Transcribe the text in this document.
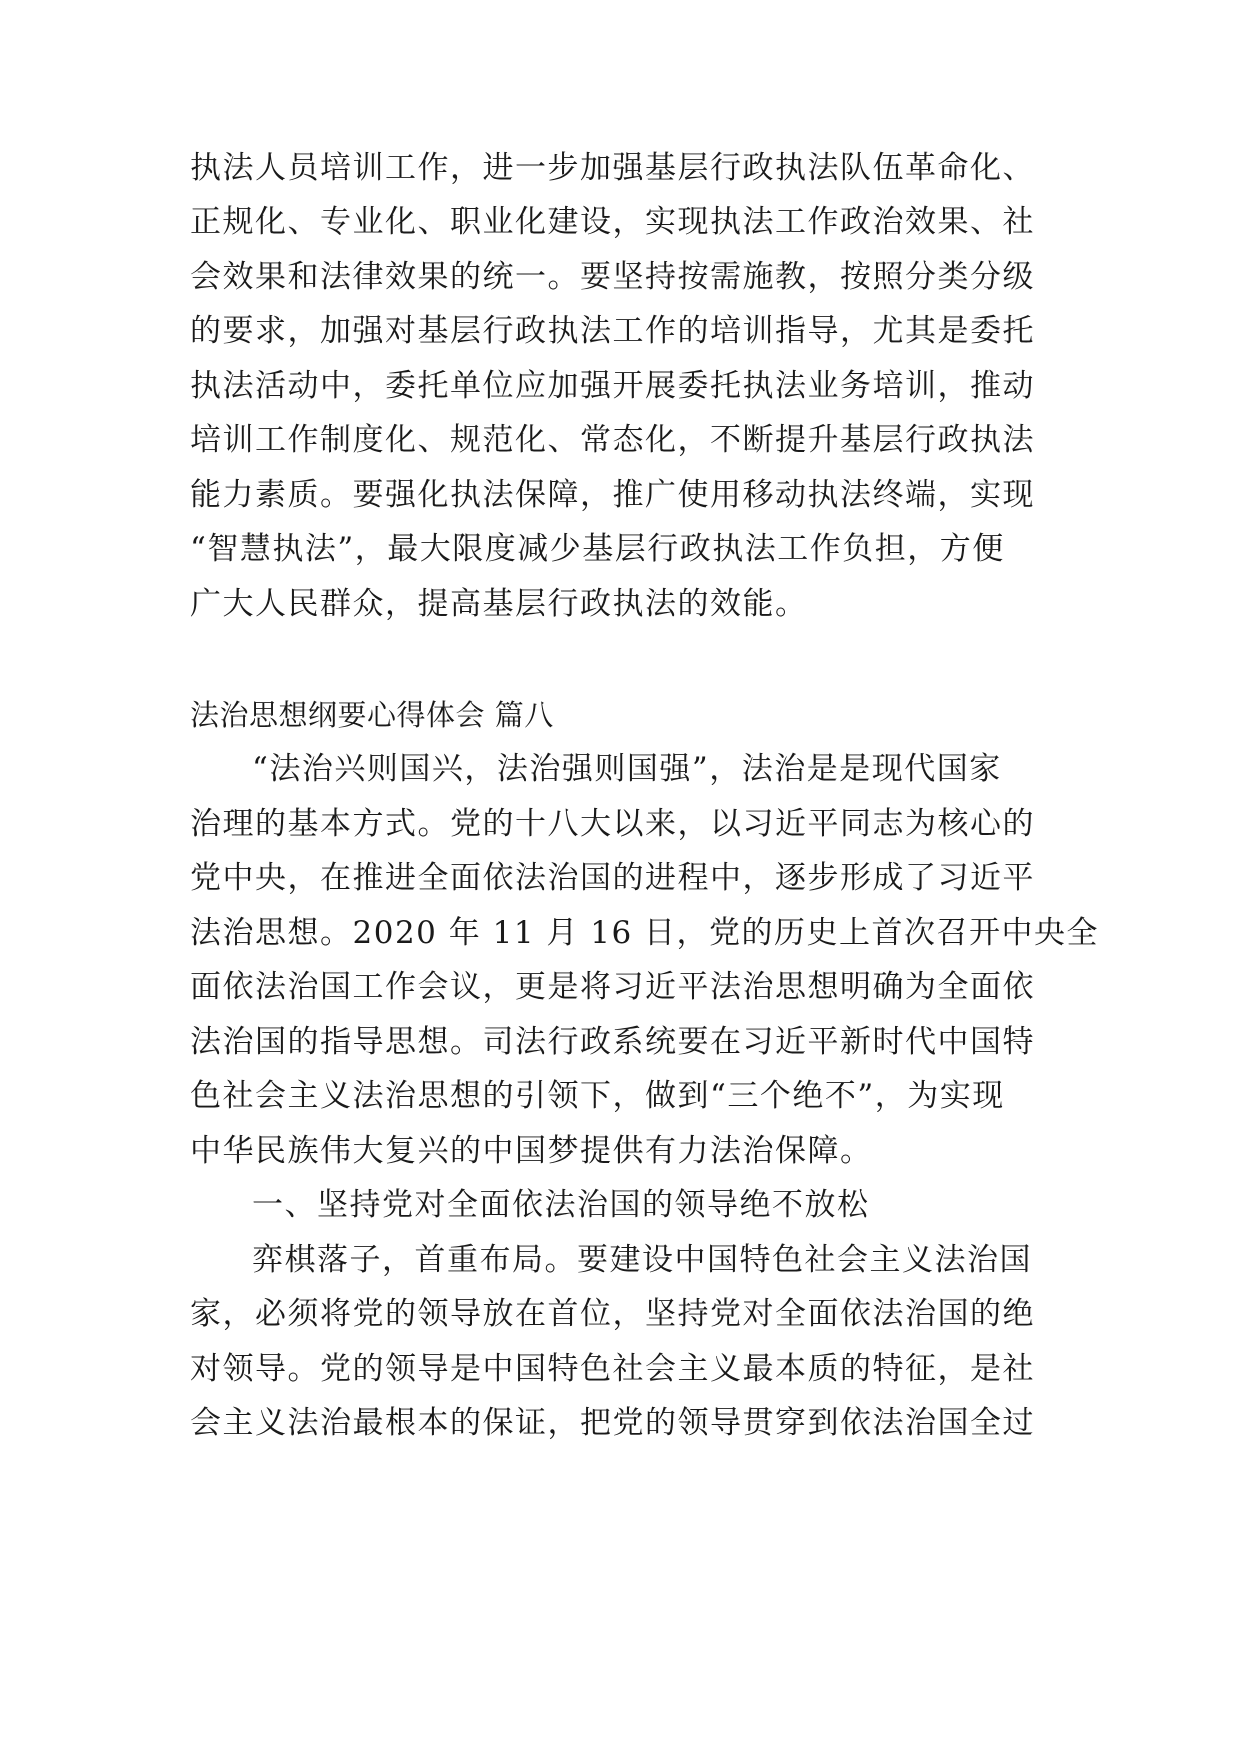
执法人员培训工作，进一步加强基层行政执法队伍革命化、
正规化、专业化、职业化建设，实现执法工作政治效果、社
会效果和法律效果的统一。要坚持按需施教，按照分类分级
的要求，加强对基层行政执法工作的培训指导，尤其是委托
执法活动中，委托单位应加强开展委托执法业务培训，推动
培训工作制度化、规范化、常态化，不断提升基层行政执法
能力素质。要强化执法保障，推广使用移动执法终端，实现
“智慧执法”，最大限度减少基层行政执法工作负担，方便
广大人民群众，提高基层行政执法的效能。
法治思想纲要心得体会 篇八
“法治兴则国兴，法治强则国强”，法治是是现代国家
治理的基本方式。党的十八大以来，以习近平同志为核心的
党中央，在推进全面依法治国的进程中，逐步形成了习近平
法治思想。2020 年 11 月 16 日，党的历史上首次召开中央全
面依法治国工作会议，更是将习近平法治思想明确为全面依
法治国的指导思想。司法行政系统要在习近平新时代中国特
色社会主义法治思想的引领下，做到“三个绝不”，为实现
中华民族伟大复兴的中国梦提供有力法治保障。
一、坚持党对全面依法治国的领导绝不放松
弈棋落子，首重布局。要建设中国特色社会主义法治国
家，必须将党的领导放在首位，坚持党对全面依法治国的绝
对领导。党的领导是中国特色社会主义最本质的特征，是社
会主义法治最根本的保证，把党的领导贯穿到依法治国全过
